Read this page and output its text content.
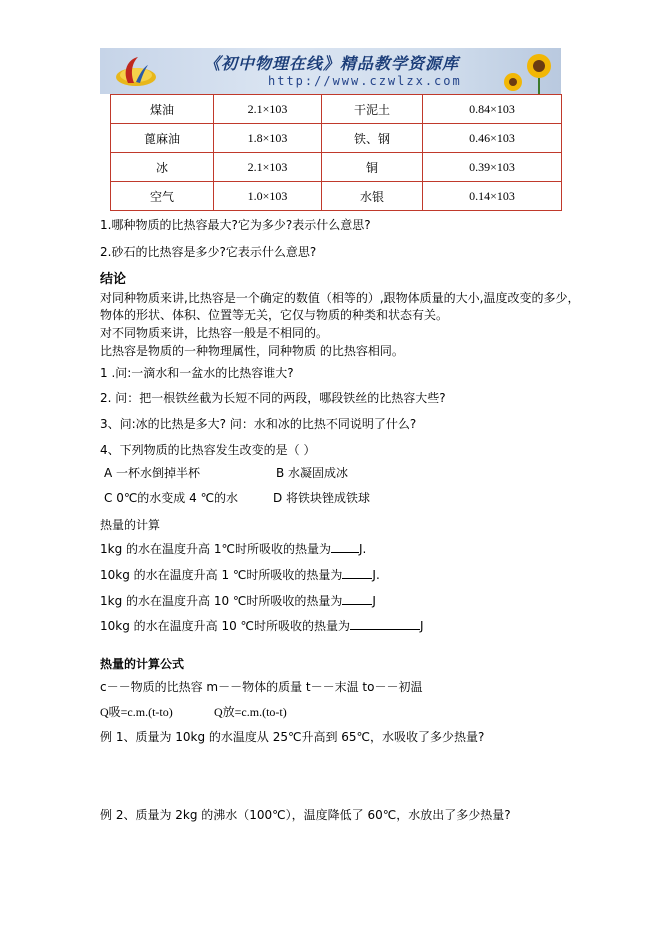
《初中物理在线》精品教学资源库
http://www.czwlzx.com
煤油	2.1×103	干泥土	0.84×103
蓖麻油	1.8×103	铁、钢	0.46×103
冰	2.1×103	铜	0.39×103
空气	1.0×103	水银	0.14×103
1.哪种物质的比热容最大?它为多少?表示什么意思?
2.砂石的比热容是多少?它表示什么意思?
结论
对同种物质来讲,比热容是一个确定的数值（相等的）,跟物体质量的大小,温度改变的多少，
物体的形状、体积、位置等无关，它仅与物质的种类和状态有关。
对不同物质来讲，比热容一般是不相同的。
比热容是物质的一种物理属性，同种物质 的比热容相同。
1 .问:一滴水和一盆水的比热容谁大?
2. 问：把一根铁丝截为长短不同的两段，哪段铁丝的比热容大些?
3、问:冰的比热是多大? 问：水和冰的比热不同说明了什么?
4、下列物质的比热容发生改变的是（ ）
A 一杯水倒掉半杯	B 水凝固成冰
C 0℃的水变成 4 ℃的水	D 将铁块锉成铁球
热量的计算
1kg 的水在温度升高 1℃时所吸收的热量为 J.
10kg 的水在温度升高 1 ℃时所吸收的热量为	J.
1kg 的水在温度升高 10 ℃时所吸收的热量为	J
10kg 的水在温度升高 10 ℃时所吸收的热量为	J
热量的计算公式
c－－物质的比热容 m－－物体的质量 t－－末温 to－－初温
Q吸=c.m.(t-to)	Q放=c.m.(to-t)
例 1、质量为 10kg 的水温度从 25℃升高到 65℃，水吸收了多少热量?
例 2、质量为 2kg 的沸水（100℃），温度降低了 60℃，水放出了多少热量?
